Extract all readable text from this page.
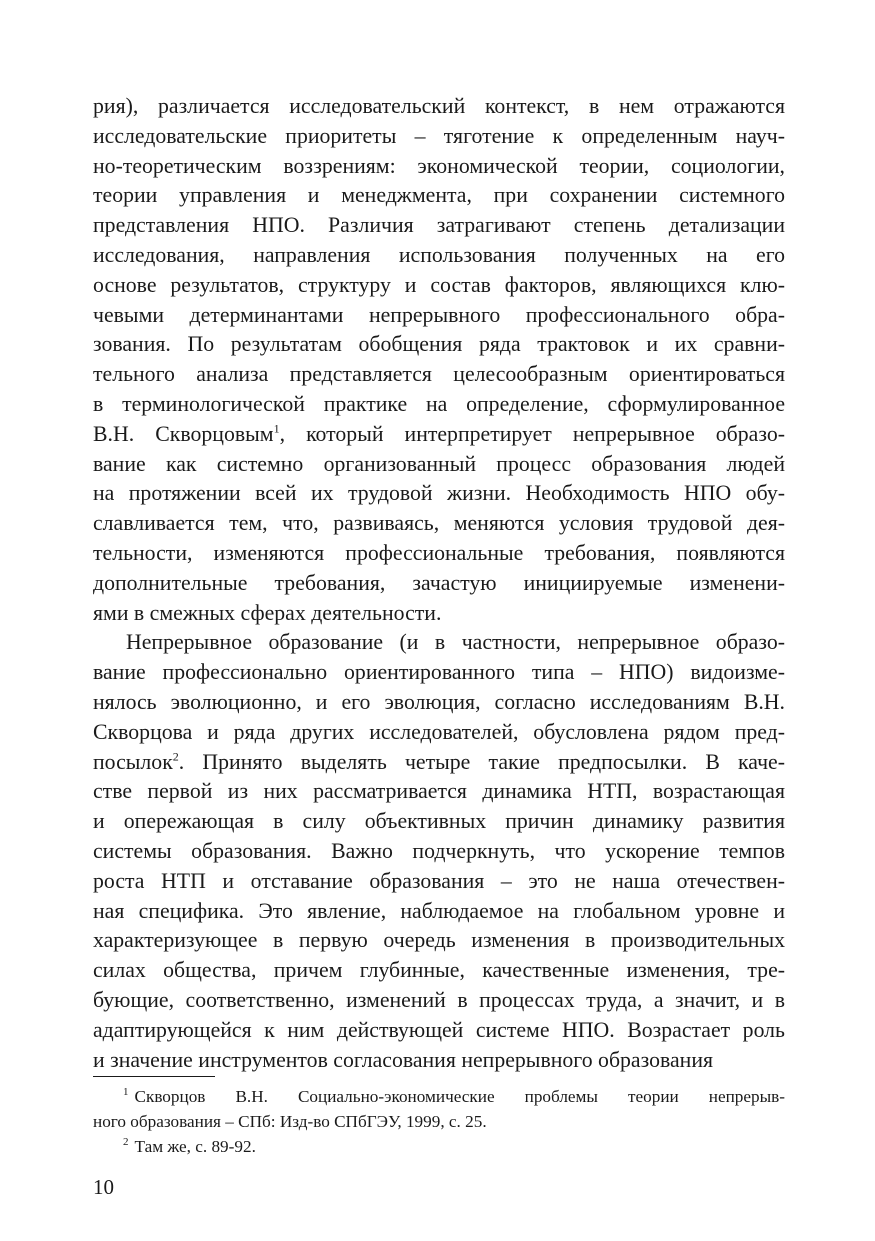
рия), различается исследовательский контекст, в нем отражаются
исследовательские приоритеты – тяготение к определенным науч-
но-теоретическим воззрениям: экономической теории, социологии,
теории управления и менеджмента, при сохранении системного
представления НПО. Различия затрагивают степень детализации
исследования, направления использования полученных на его
основе результатов, структуру и состав факторов, являющихся клю-
чевыми детерминантами непрерывного профессионального обра-
зования. По результатам обобщения ряда трактовок и их сравни-
тельного анализа представляется целесообразным ориентироваться
в терминологической практике на определение, сформулированное
В.Н. Скворцовым$^1$, который интерпретирует непрерывное образо-
вание как системно организованный процесс образования людей
на протяжении всей их трудовой жизни. Необходимость НПО обу-
славливается тем, что, развиваясь, меняются условия трудовой дея-
тельности, изменяются профессиональные требования, появляются
дополнительные требования, зачастую инициируемые изменени-
ями в смежных сферах деятельности.

Непрерывное образование (и в частности, непрерывное образо-
вание профессионально ориентированного типа – НПО) видоизме-
нялось эволюционно, и его эволюция, согласно исследованиям В.Н.
Скворцова и ряда других исследователей, обусловлена рядом пред-
посылок$^2$. Принято выделять четыре такие предпосылки. В каче-
стве первой из них рассматривается динамика НТП, возрастающая
и опережающая в силу объективных причин динамику развития
системы образования. Важно подчеркнуть, что ускорение темпов
роста НТП и отставание образования – это не наша отечествен-
ная специфика. Это явление, наблюдаемое на глобальном уровне и
характеризующее в первую очередь изменения в производительных
силах общества, причем глубинные, качественные изменения, тре-
бующие, соответственно, изменений в процессах труда, а значит, и в
адаптирующейся к ним действующей системе НПО. Возрастает роль
и значение инструментов согласования непрерывного образования

$^1$ Скворцов В.Н. Социально-экономические проблемы теории непрерыв-
ного образования – СПб: Изд-во СПбГЭУ, 1999, с. 25.
$^2$ Там же, с. 89-92.
10
